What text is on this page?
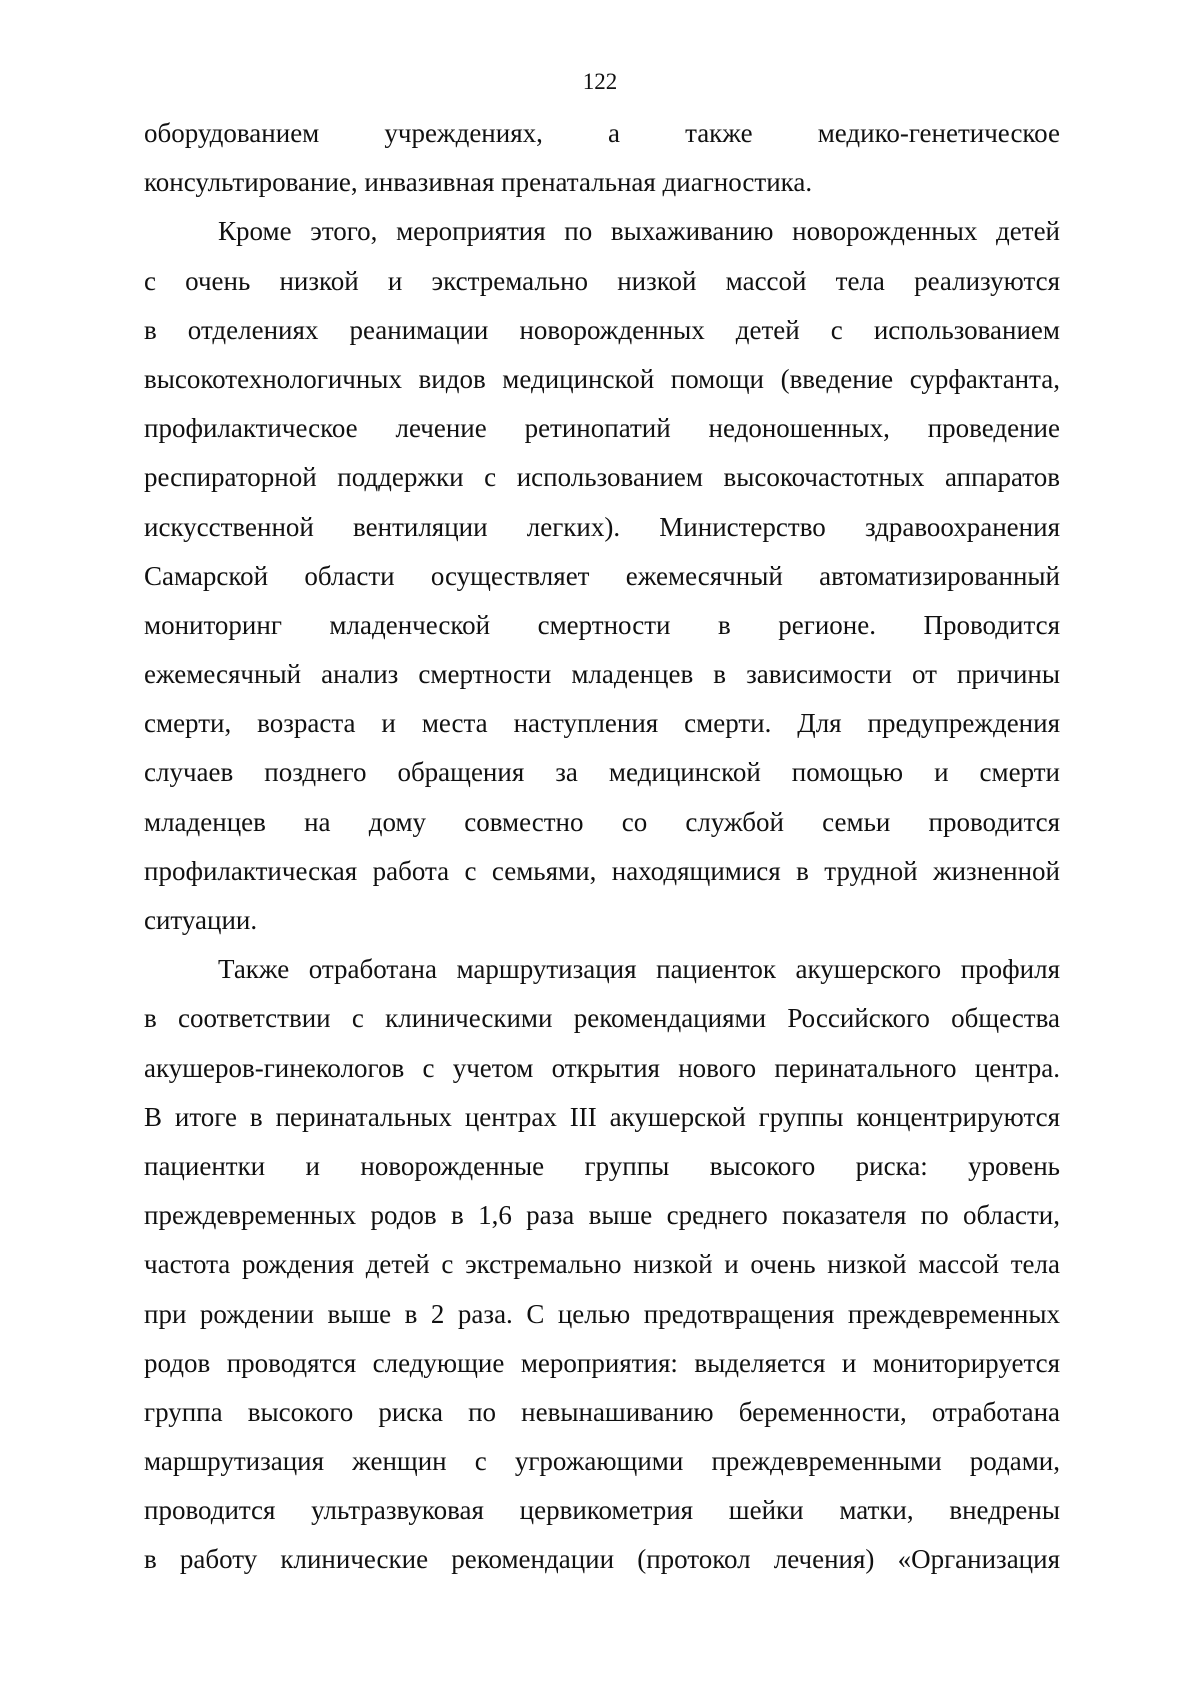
122
оборудованием учреждениях, а также медико-генетическое
консультирование, инвазивная пренатальная диагностика.
Кроме этого, мероприятия по выхаживанию новорожденных детей
с очень низкой и экстремально низкой массой тела реализуются
в отделениях реанимации новорожденных детей с использованием
высокотехнологичных видов медицинской помощи (введение сурфактанта,
профилактическое лечение ретинопатий недоношенных, проведение
респираторной поддержки с использованием высокочастотных аппаратов
искусственной вентиляции легких). Министерство здравоохранения
Самарской области осуществляет ежемесячный автоматизированный
мониторинг младенческой смертности в регионе. Проводится
ежемесячный анализ смертности младенцев в зависимости от причины
смерти, возраста и места наступления смерти. Для предупреждения
случаев позднего обращения за медицинской помощью и смерти
младенцев на дому совместно со службой семьи проводится
профилактическая работа с семьями, находящимися в трудной жизненной
ситуации.
Также отработана маршрутизация пациенток акушерского профиля
в соответствии с клиническими рекомендациями Российского общества
акушеров-гинекологов с учетом открытия нового перинатального центра.
В итоге в перинатальных центрах III акушерской группы концентрируются
пациентки и новорожденные группы высокого риска: уровень
преждевременных родов в 1,6 раза выше среднего показателя по области,
частота рождения детей с экстремально низкой и очень низкой массой тела
при рождении выше в 2 раза. С целью предотвращения преждевременных
родов проводятся следующие мероприятия: выделяется и мониторируется
группа высокого риска по невынашиванию беременности, отработана
маршрутизация женщин с угрожающими преждевременными родами,
проводится ультразвуковая цервикометрия шейки матки, внедрены
в работу клинические рекомендации (протокол лечения) «Организация
